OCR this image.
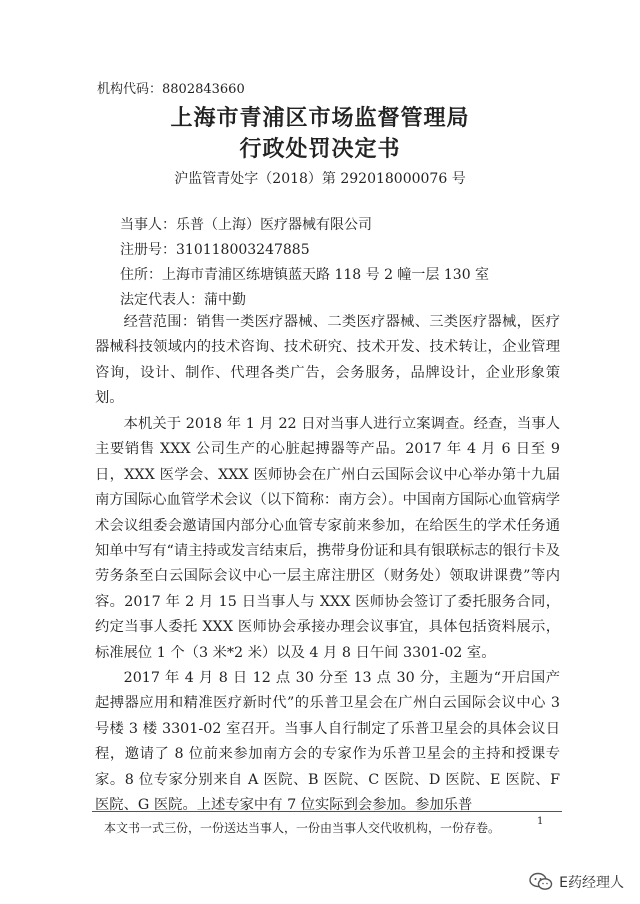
机构代码：8802843660
上海市青浦区市场监督管理局
行政处罚决定书
沪监管青处字（2018）第 292018000076 号
当事人：乐普（上海）医疗器械有限公司
注册号：310118003247885
住所：上海市青浦区练塘镇蓝天路 118 号 2 幢一层 130 室
法定代表人：蒲中勤

经营范围：销售一类医疗器械、二类医疗器械、三类医疗器械，医疗器械科技领域内的技术咨询、技术研究、技术开发、技术转让，企业管理咨询，设计、制作、代理各类广告，会务服务，品牌设计，企业形象策划。

本机关于 2018 年 1 月 22 日对当事人进行立案调查。经查，当事人主要销售 XXX 公司生产的心脏起搏器等产品。2017 年 4 月 6 日至 9 日，XXX 医学会、XXX 医师协会在广州白云国际会议中心举办第十九届南方国际心血管学术会议（以下简称：南方会）。中国南方国际心血管病学术会议组委会邀请国内部分心血管专家前来参加，在给医生的学术任务通知单中写有“请主持或发言结束后，携带身份证和具有银联标志的银行卡及劳务条至白云国际会议中心一层主席注册区（财务处）领取讲课费”等内容。2017 年 2 月 15 日当事人与 XXX 医师协会签订了委托服务合同，约定当事人委托 XXX 医师协会承接办理会议事宜，具体包括资料展示，标准展位 1 个（3 米*2 米）以及 4 月 8 日午间 3301-02 室。

2017 年 4 月 8 日 12 点 30 分至 13 点 30 分，主题为“开启国产起搏器应用和精准医疗新时代”的乐普卫星会在广州白云国际会议中心 3 号楼 3 楼 3301-02 室召开。当事人自行制定了乐普卫星会的具体会议日程，邀请了 8 位前来参加南方会的专家作为乐普卫星会的主持和授课专家。8 位专家分别来自 A 医院、B 医院、C 医院、D 医院、E 医院、F 医院、G 医院。上述专家中有 7 位实际到会参加。参加乐普

本文书一式三份，一份送达当事人，一份由当事人交代收机构，一份存卷。	1
E药经理人
